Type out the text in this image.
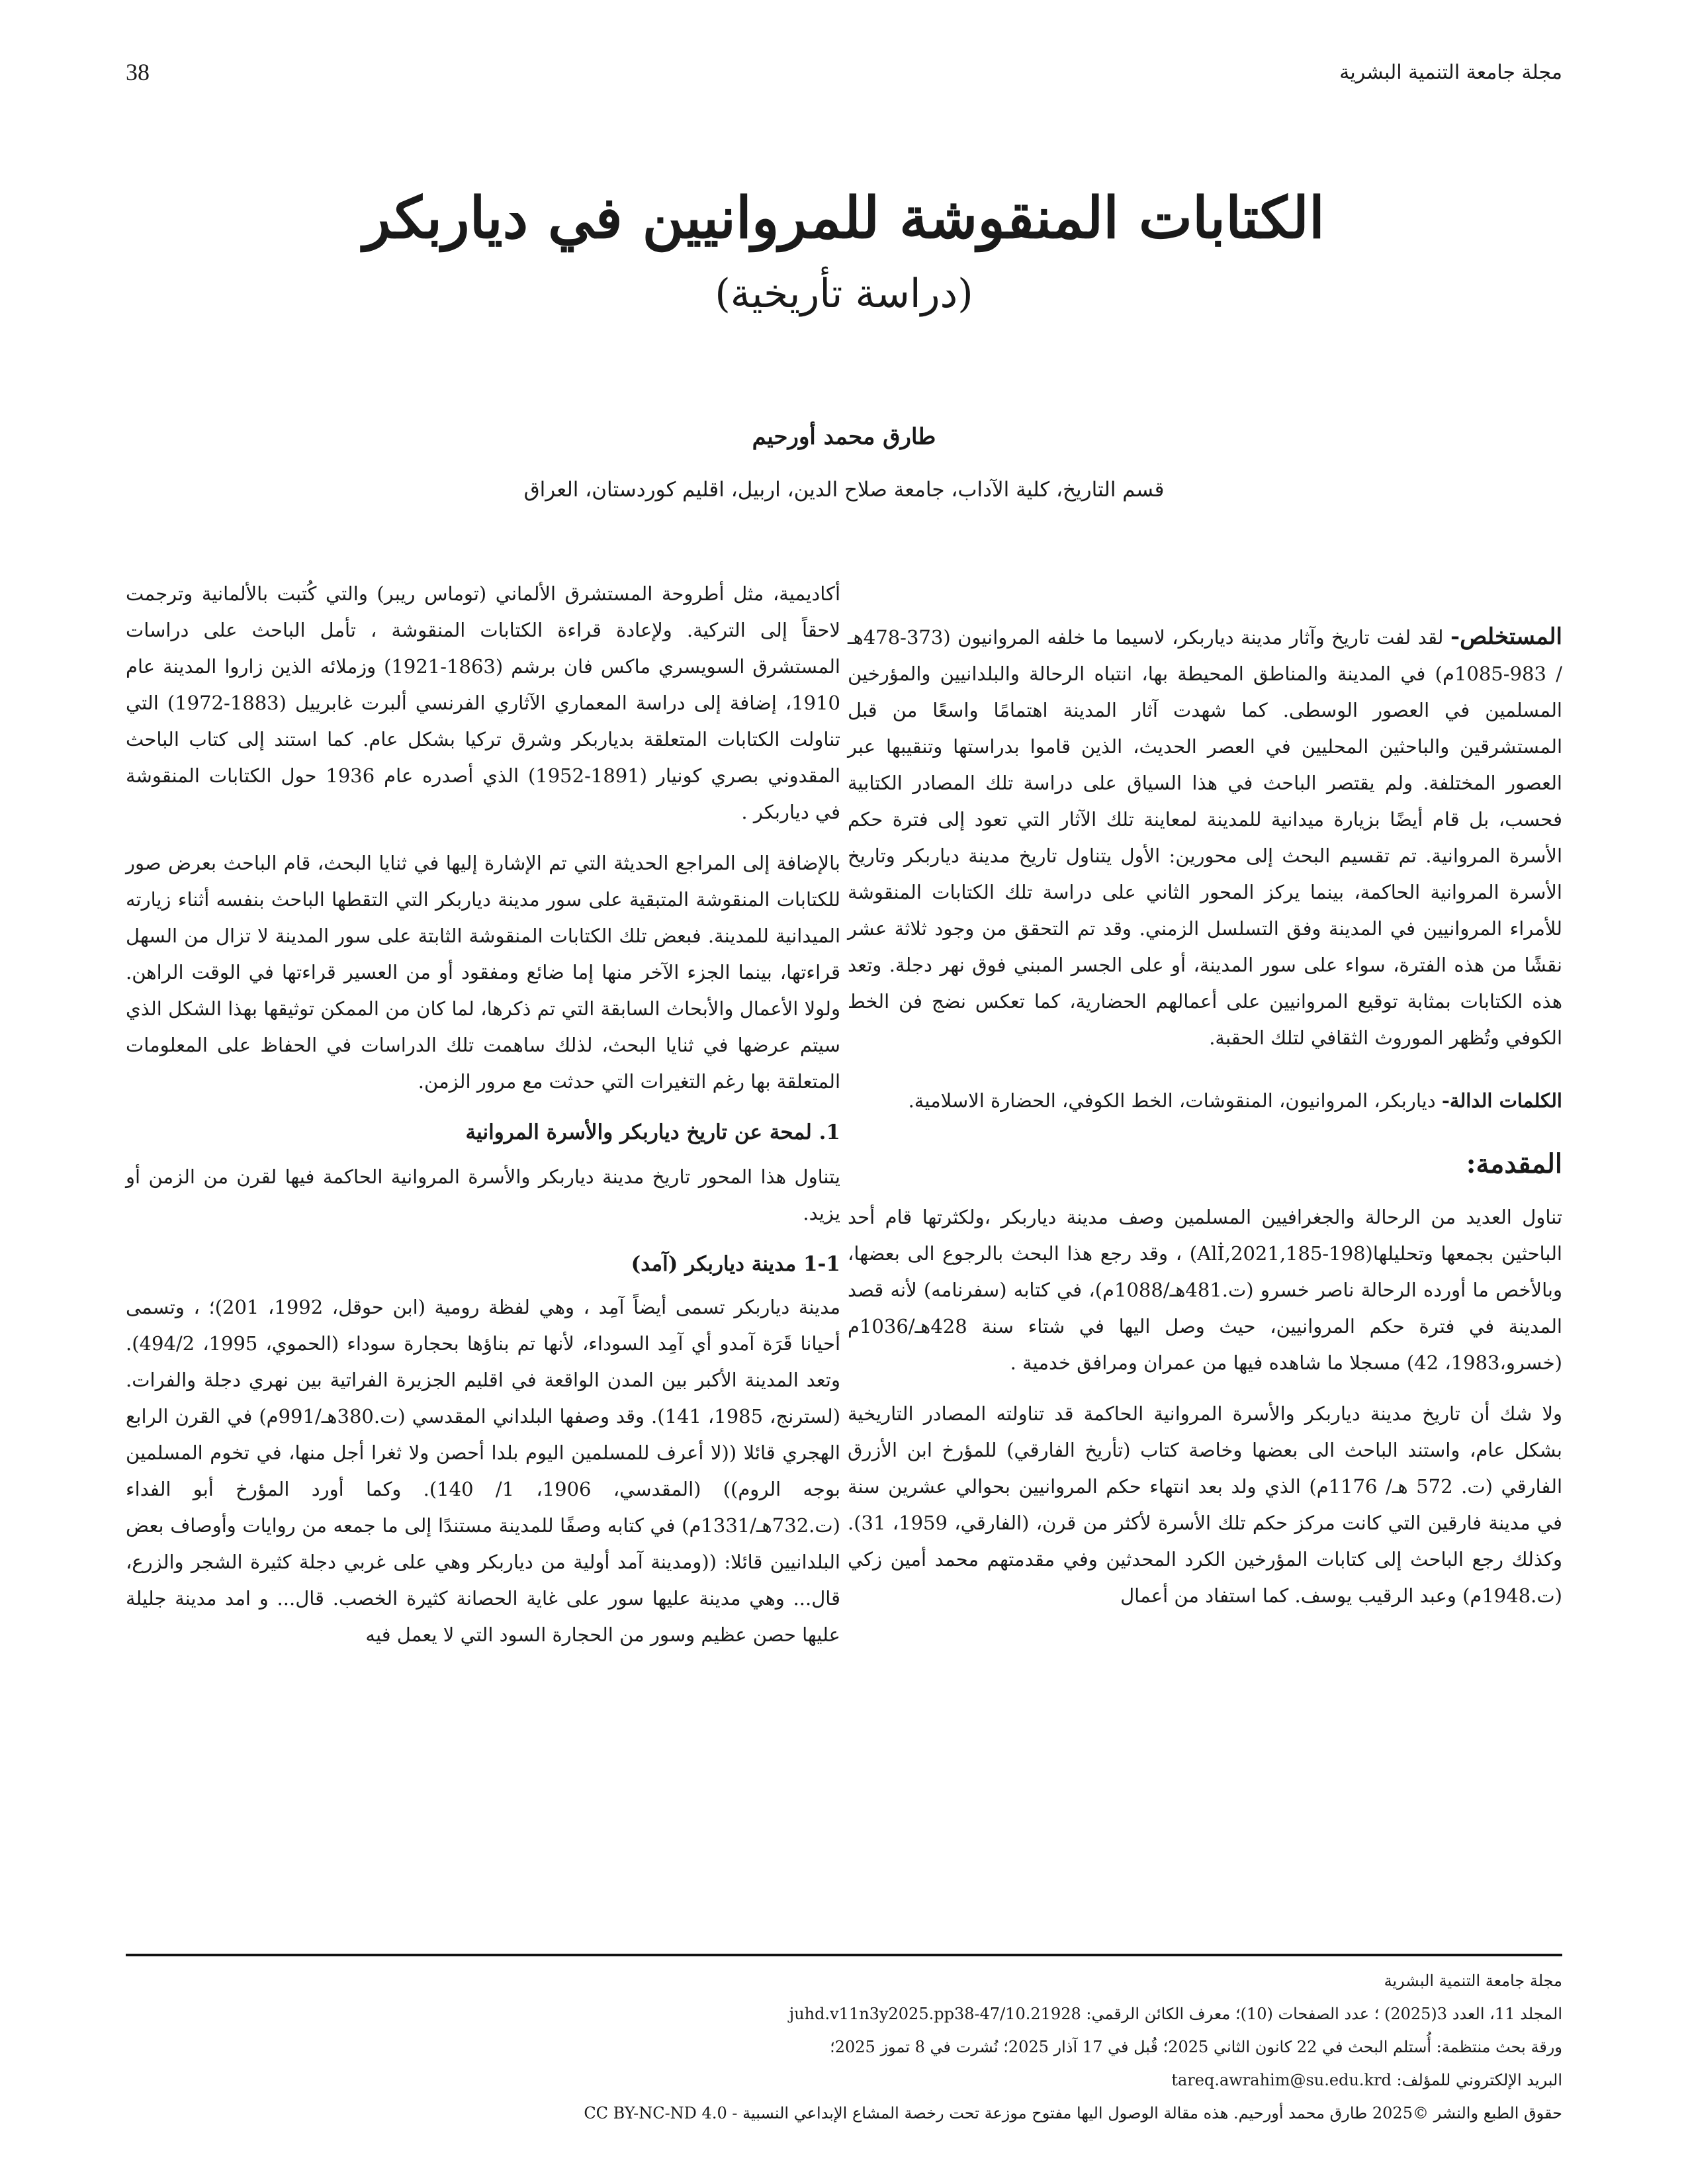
مجلة جامعة التنمية البشرية
38
الكتابات المنقوشة للمروانيين في دياربكر
(دراسة تأريخية)
طارق محمد أورحيم
قسم التاريخ، كلية الآداب، جامعة صلاح الدين، اربيل، اقليم كوردستان، العراق

المستخلص- لقد لفت تاريخ وآثار مدينة دياربكر، لاسيما ما خلفه المروانيون (373-478هـ / 983-1085م) في المدينة والمناطق المحيطة بها، انتباه الرحالة والبلدانيين والمؤرخين المسلمين في العصور الوسطى. كما شهدت آثار المدينة اهتمامًا واسعًا من قبل المستشرقين والباحثين المحليين في العصر الحديث، الذين قاموا بدراستها وتنقيبها عبر العصور المختلفة. ولم يقتصر الباحث في هذا السياق على دراسة تلك المصادر الكتابية فحسب، بل قام أيضًا بزيارة ميدانية للمدينة لمعاينة تلك الآثار التي تعود إلى فترة حكم الأسرة المروانية. تم تقسيم البحث إلى محورين: الأول يتناول تاريخ مدينة دياربكر وتاريخ الأسرة المروانية الحاكمة، بينما يركز المحور الثاني على دراسة تلك الكتابات المنقوشة للأمراء المروانيين في المدينة وفق التسلسل الزمني. وقد تم التحقق من وجود ثلاثة عشر نقشًا من هذه الفترة، سواء على سور المدينة، أو على الجسر المبني فوق نهر دجلة. وتعد هذه الكتابات بمثابة توقيع المروانيين على أعمالهم الحضارية، كما تعكس نضج فن الخط الكوفي وتُظهر الموروث الثقافي لتلك الحقبة.

الكلمات الدالة- دياربكر، المروانيون، المنقوشات، الخط الكوفي، الحضارة الاسلامية.

المقدمة:

تناول العديد من الرحالة والجغرافيين المسلمين وصف مدينة دياربكر ،ولكثرتها قام أحد الباحثين بجمعها وتحليلها(Alİ,2021,185-198) ، وقد رجع هذا البحث بالرجوع الى بعضها، وبالأخص ما أورده الرحالة ناصر خسرو (ت.481هـ/1088م)، في كتابه (سفرنامه) لأنه قصد المدينة في فترة حكم المروانيين، حيث وصل اليها في شتاء سنة 428هـ/1036م (خسرو،1983، 42) مسجلا ما شاهده فيها من عمران ومرافق خدمية .

ولا شك أن تاريخ مدينة دياربكر والأسرة المروانية الحاكمة قد تناولته المصادر التاريخية بشكل عام، واستند الباحث الى بعضها وخاصة كتاب (تأريخ الفارقي) للمؤرخ ابن الأزرق الفارقي (ت. 572 هـ/ 1176م) الذي ولد بعد انتهاء حكم المروانيين بحوالي عشرين سنة في مدينة فارقين التي كانت مركز حكم تلك الأسرة لأكثر من قرن، (الفارقي، 1959، 31). وكذلك رجع الباحث إلى كتابات المؤرخين الكرد المحدثين وفي مقدمتهم محمد أمين زكي (ت.1948م) وعبد الرقيب يوسف. كما استفاد من أعمال

أكاديمية، مثل أطروحة المستشرق الألماني (توماس ريبر) والتي كُتبت بالألمانية وترجمت لاحقاً إلى التركية. ولإعادة قراءة الكتابات المنقوشة ، تأمل الباحث على دراسات المستشرق السويسري ماكس فان برشم (1863-1921) وزملائه الذين زاروا المدينة عام 1910، إضافة إلى دراسة المعماري الآثاري الفرنسي ألبرت غابرييل (1883-1972) التي تناولت الكتابات المتعلقة بدياربكر وشرق تركيا بشكل عام. كما استند إلى كتاب الباحث المقدوني بصري كونيار (1891-1952) الذي أصدره عام 1936 حول الكتابات المنقوشة في دياربكر .

بالإضافة إلى المراجع الحديثة التي تم الإشارة إليها في ثنايا البحث، قام الباحث بعرض صور للكتابات المنقوشة المتبقية على سور مدينة دياربكر التي التقطها الباحث بنفسه أثناء زيارته الميدانية للمدينة. فبعض تلك الكتابات المنقوشة الثابتة على سور المدينة لا تزال من السهل قراءتها، بينما الجزء الآخر منها إما ضائع ومفقود أو من العسير قراءتها في الوقت الراهن. ولولا الأعمال والأبحاث السابقة التي تم ذكرها، لما كان من الممكن توثيقها بهذا الشكل الذي سيتم عرضها في ثنايا البحث، لذلك ساهمت تلك الدراسات في الحفاظ على المعلومات المتعلقة بها رغم التغيرات التي حدثت مع مرور الزمن.

1. لمحة عن تاريخ دياربكر والأسرة المروانية

يتناول هذا المحور تاريخ مدينة دياربكر والأسرة المروانية الحاكمة فيها لقرن من الزمن أو يزيد.

1-1 مدينة دياربكر (آمد)

مدينة دياربكر تسمى أيضاً آمِد ، وهي لفظة رومية (ابن حوقل، 1992، 201)؛ ، وتسمى أحيانا قَرَة آمدو أي آمِد السوداء، لأنها تم بناؤها بحجارة سوداء (الحموي، 1995، 494/2). وتعد المدينة الأكبر بين المدن الواقعة في اقليم الجزيرة الفراتية بين نهري دجلة والفرات. (لسترنج، 1985، 141). وقد وصفها البلداني المقدسي (ت.380هـ/991م) في القرن الرابع الهجري قائلا ((لا أعرف للمسلمين اليوم بلدا أحصن ولا ثغرا أجل منها، في تخوم المسلمين بوجه الروم)) (المقدسي، 1906، 1/ 140). وكما أورد المؤرخ أبو الفداء (ت.732هـ/1331م) في كتابه وصفًا للمدينة مستندًا إلى ما جمعه من روايات وأوصاف بعض البلدانيين قائلا: ((ومدينة آمد أولية من دياربكر وهي على غربي دجلة كثيرة الشجر والزرع، قال... وهي مدينة عليها سور على غاية الحصانة كثيرة الخصب. قال... و امد مدينة جليلة عليها حصن عظيم وسور من الحجارة السود التي لا يعمل فيه

مجلة جامعة التنمية البشرية
المجلد 11، العدد 3(2025) ؛ عدد الصفحات (10)؛ معرف الكائن الرقمي: 10.21928/juhd.v11n3y2025.pp38-47
ورقة بحث منتظمة: أُستلم البحث في 22 كانون الثاني 2025؛ قُبل في 17 آذار 2025؛ نُشرت في 8 تموز 2025؛
البريد الإلكتروني للمؤلف: tareq.awrahim@su.edu.krd
حقوق الطبع والنشر ©2025 طارق محمد أورحيم. هذه مقالة الوصول اليها مفتوح موزعة تحت رخصة المشاع الإبداعي النسبية - CC BY-NC-ND 4.0
